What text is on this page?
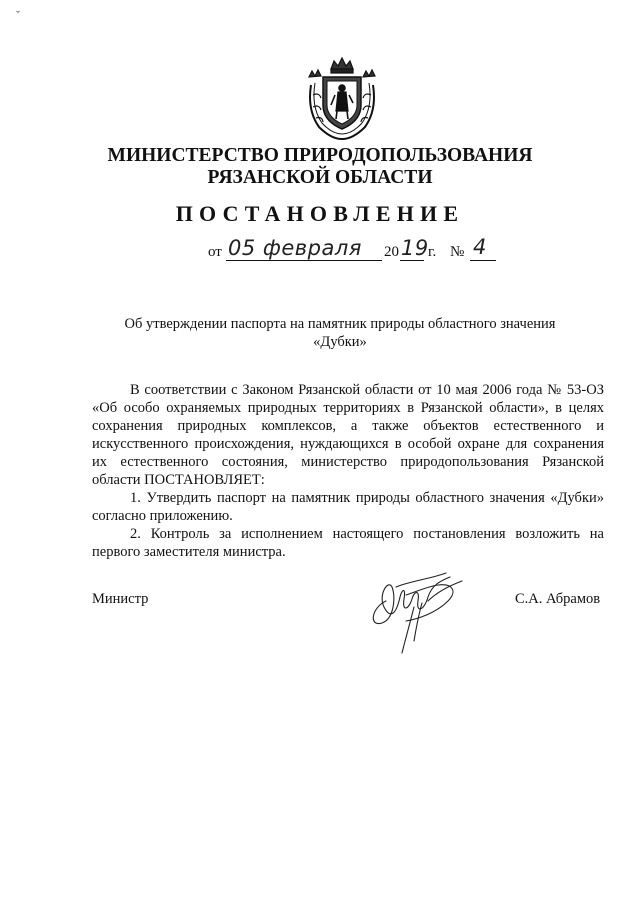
ˇ
МИНИСТЕРСТВО ПРИРОДОПОЛЬЗОВАНИЯ
РЯЗАНСКОЙ ОБЛАСТИ
ПОСТАНОВЛЕНИЕ
от 05 февраля 20 19 г. № 4
Об утверждении паспорта на памятник природы областного значения
«Дубки»

В соответствии с Законом Рязанской области от 10 мая 2006 года № 53-ОЗ «Об особо охраняемых природных территориях в Рязанской области», в целях сохранения природных комплексов, а также объектов естественного и искусственного происхождения, нуждающихся в особой охране для сохранения их естественного состояния, министерство природопользования Рязанской области ПОСТАНОВЛЯЕТ:

1. Утвердить паспорт на памятник природы областного значения «Дубки» согласно приложению.

2. Контроль за исполнением настоящего постановления возложить на первого заместителя министра.

Министр	С.А. Абрамов
